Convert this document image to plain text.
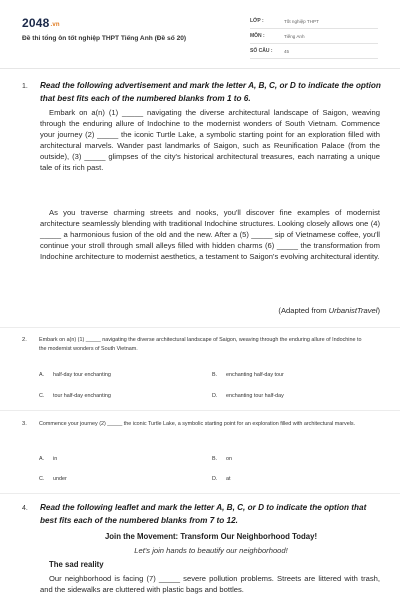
2048.vn
Đề thi tổng ôn tốt nghiệp THPT Tiếng Anh (Đề số 20)
LỚP :	Tốt nghiệp THPT
MÔN :	Tiếng Anh
SỐ CÂU :	45
1. Read the following advertisement and mark the letter A, B, C, or D to indicate the option that best fits each of the numbered blanks from 1 to 6.
Embark on a(n) (1) _____ navigating the diverse architectural landscape of Saigon, weaving through the enduring allure of Indochine to the modernist wonders of South Vietnam. Commence your journey (2) _____ the iconic Turtle Lake, a symbolic starting point for an exploration filled with architectural marvels. Wander past landmarks of Saigon, such as Reunification Palace (from the outside), (3) _____ glimpses of the city's historical architectural treasures, each narrating a unique tale of its rich past.
As you traverse charming streets and nooks, you'll discover fine examples of modernist architecture seamlessly blending with traditional Indochine structures. Looking closely allows one (4) _____ a harmonious fusion of the old and the new. After a (5) _____ sip of Vietnamese coffee, you'll continue your stroll through small alleys filled with hidden charms (6) _____ the transformation from Indochine architecture to modernist aesthetics, a testament to Saigon's evolving architectural identity.
(Adapted from UrbanistTravel)
2. Embark on a(n) (1) _____ navigating the diverse architectural landscape of Saigon, weaving through the enduring allure of Indochine to the modernist wonders of South Vietnam.
A. half-day tour enchanting	B. enchanting half-day tour
C. tour half-day enchanting	D. enchanting tour half-day
3. Commence your journey (2) _____ the iconic Turtle Lake, a symbolic starting point for an exploration filled with architectural marvels.
A. in	B. on
C. under	D. at
4. Read the following leaflet and mark the letter A, B, C, or D to indicate the option that best fits each of the numbered blanks from 7 to 12.
Join the Movement: Transform Our Neighborhood Today!
Let's join hands to beautify our neighborhood!
The sad reality
Our neighborhood is facing (7) _____ severe pollution problems. Streets are littered with trash, and the sidewalks are cluttered with plastic bags and bottles.
